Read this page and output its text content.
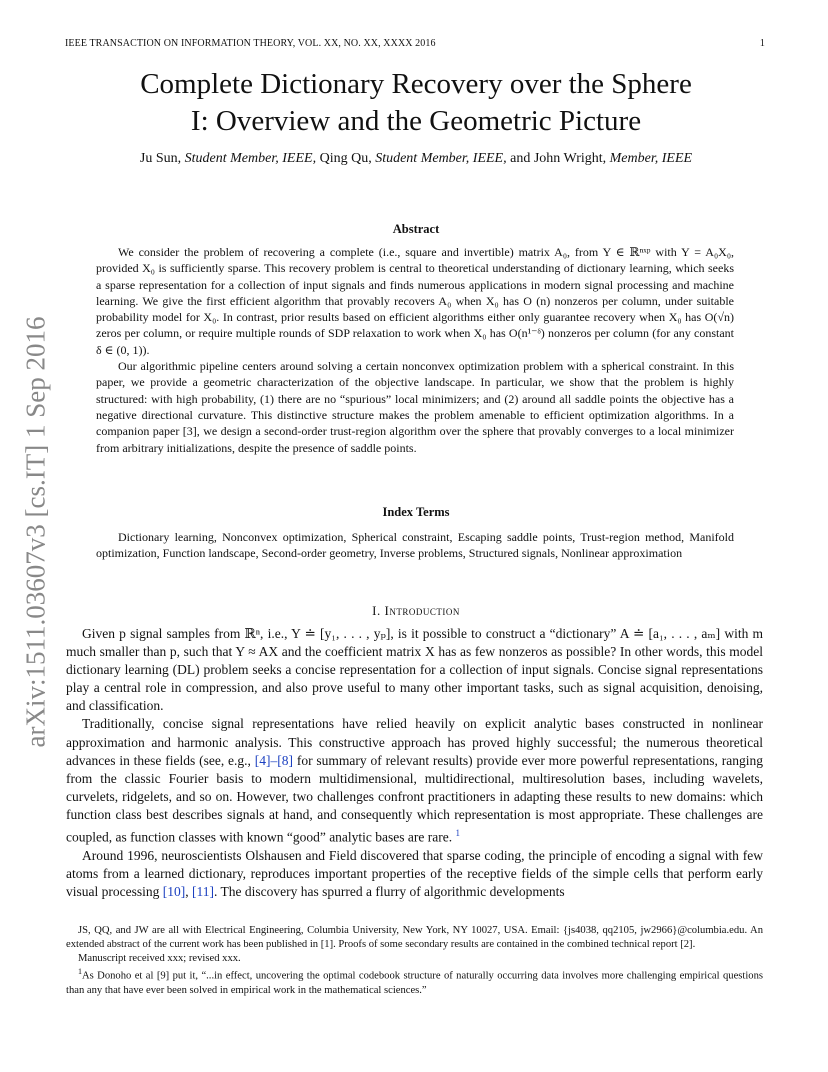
IEEE TRANSACTION ON INFORMATION THEORY, VOL. XX, NO. XX, XXXX 2016	1
arXiv:1511.03607v3 [cs.IT] 1 Sep 2016
Complete Dictionary Recovery over the Sphere
I: Overview and the Geometric Picture
Ju Sun, Student Member, IEEE, Qing Qu, Student Member, IEEE, and John Wright, Member, IEEE
Abstract

We consider the problem of recovering a complete (i.e., square and invertible) matrix A₀, from Y ∈ ℝⁿˣᵖ with Y = A₀X₀, provided X₀ is sufficiently sparse. This recovery problem is central to theoretical understanding of dictionary learning, which seeks a sparse representation for a collection of input signals and finds numerous applications in modern signal processing and machine learning. We give the first efficient algorithm that provably recovers A₀ when X₀ has O (n) nonzeros per column, under suitable probability model for X₀. In contrast, prior results based on efficient algorithms either only guarantee recovery when X₀ has O(√n) zeros per column, or require multiple rounds of SDP relaxation to work when X₀ has O(n¹⁻ᵟ) nonzeros per column (for any constant δ ∈ (0, 1)).

Our algorithmic pipeline centers around solving a certain nonconvex optimization problem with a spherical constraint. In this paper, we provide a geometric characterization of the objective landscape. In particular, we show that the problem is highly structured: with high probability, (1) there are no “spurious” local minimizers; and (2) around all saddle points the objective has a negative directional curvature. This distinctive structure makes the problem amenable to efficient optimization algorithms. In a companion paper [3], we design a second-order trust-region algorithm over the sphere that provably converges to a local minimizer from arbitrary initializations, despite the presence of saddle points.

Index Terms

Dictionary learning, Nonconvex optimization, Spherical constraint, Escaping saddle points, Trust-region method, Manifold optimization, Function landscape, Second-order geometry, Inverse problems, Structured signals, Nonlinear approximation

I. Introduction

Given p signal samples from ℝⁿ, i.e., Y ≐ [y₁, . . . , yₚ], is it possible to construct a “dictionary” A ≐ [a₁, . . . , aₘ] with m much smaller than p, such that Y ≈ AX and the coefficient matrix X has as few nonzeros as possible? In other words, this model dictionary learning (DL) problem seeks a concise representation for a collection of input signals. Concise signal representations play a central role in compression, and also prove useful to many other important tasks, such as signal acquisition, denoising, and classification.

Traditionally, concise signal representations have relied heavily on explicit analytic bases constructed in nonlinear approximation and harmonic analysis. This constructive approach has proved highly successful; the numerous theoretical advances in these fields (see, e.g., [4]–[8] for summary of relevant results) provide ever more powerful representations, ranging from the classic Fourier basis to modern multidimensional, multidirectional, multiresolution bases, including wavelets, curvelets, ridgelets, and so on. However, two challenges confront practitioners in adapting these results to new domains: which function class best describes signals at hand, and consequently which representation is most appropriate. These challenges are coupled, as function classes with known “good” analytic bases are rare. $^1$

Around 1996, neuroscientists Olshausen and Field discovered that sparse coding, the principle of encoding a signal with few atoms from a learned dictionary, reproduces important properties of the receptive fields of the simple cells that perform early visual processing [10], [11]. The discovery has spurred a flurry of algorithmic developments

JS, QQ, and JW are all with Electrical Engineering, Columbia University, New York, NY 10027, USA. Email: {js4038, qq2105, jw2966}@columbia.edu. An extended abstract of the current work has been published in [1]. Proofs of some secondary results are contained in the combined technical report [2].

Manuscript received xxx; revised xxx.

$^1$As Donoho et al [9] put it, “...in effect, uncovering the optimal codebook structure of naturally occurring data involves more challenging empirical questions than any that have ever been solved in empirical work in the mathematical sciences.”
